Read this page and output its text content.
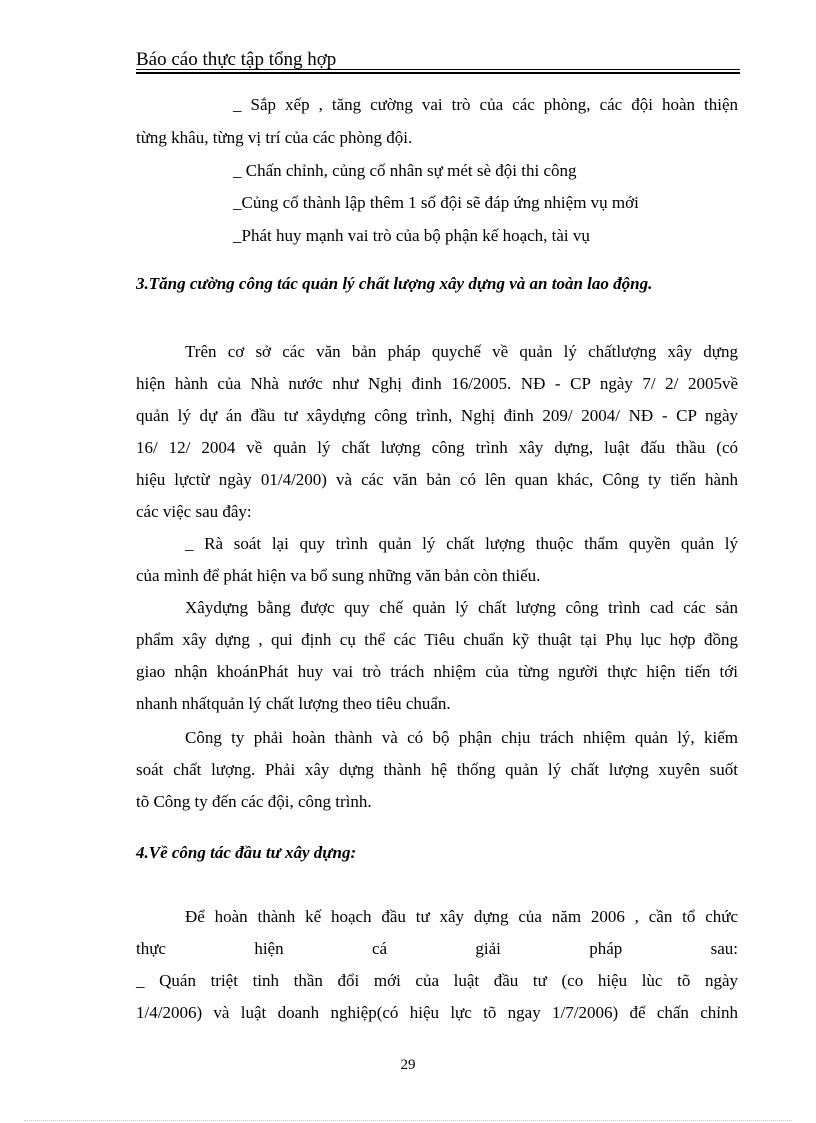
Báo cáo thực tập tổng hợp
_ Sắp xếp , tăng cường vai trò của các phòng, các đội hoàn thiện
từng khâu, từng vị trí của các phòng đội.
_ Chấn chỉnh, củng cố nhân sự mét sè đội thi công
_Củng cố thành lập thêm 1 số đội sẽ đáp ứng nhiệm vụ mới
_Phát huy mạnh vai trò của bộ phận kế hoạch, tài vụ
3.Tăng cường công tác quản lý chất lượng xây dựng và an toàn lao động.
Trên cơ sở các văn bản pháp quychế về quản lý chấtlượng xây dựng
hiện hành của Nhà nước như Nghị đinh 16/2005. NĐ - CP ngày 7/ 2/ 2005về
quản lý dự án đầu tư xâydựng công trình, Nghị đinh 209/ 2004/ NĐ - CP ngày
16/ 12/ 2004 về quản lý chất lượng công trình xây dựng, luật đấu thầu (có
hiệu lựctừ ngày 01/4/200) và các văn bản có lên quan khác, Công ty tiến hành
các việc sau đây:
_ Rà soát lại quy trình quản lý chất lượng thuộc thẩm quyền quản lý
của mình để phát hiện va bổ sung những văn bản còn thiếu.
Xâydựng bằng được quy chế quản lý chất lượng công trình cad các sản
phẩm xây dựng , qui định cụ thể các Tiêu chuẩn kỹ thuật tại Phụ lục hợp đồng
giao nhận khoánPhát huy vai trò trách nhiệm của từng người thực hiện tiến tới
nhanh nhấtquản lý chất lượng theo tiêu chuẩn.
Công ty phải hoàn thành và có bộ phận chịu trách nhiệm quản lý, kiểm
soát chất lượng. Phải xây dựng thành hệ thống quản lý chất lượng xuyên suốt
tõ Công ty đến các đội, công trình.
4.Về công tác đầu tư xây dựng:
Để hoàn thành kế hoạch đầu tư xây dựng của năm 2006 , cần tổ chức
thực hiện cá giải pháp sau:
_ Quán triệt tinh thần đổi mới của luật đầu tư (co hiệu lùc tõ ngày
1/4/2006) và luật doanh nghiệp(có hiệu lực tõ ngay 1/7/2006) để chấn chỉnh
29
